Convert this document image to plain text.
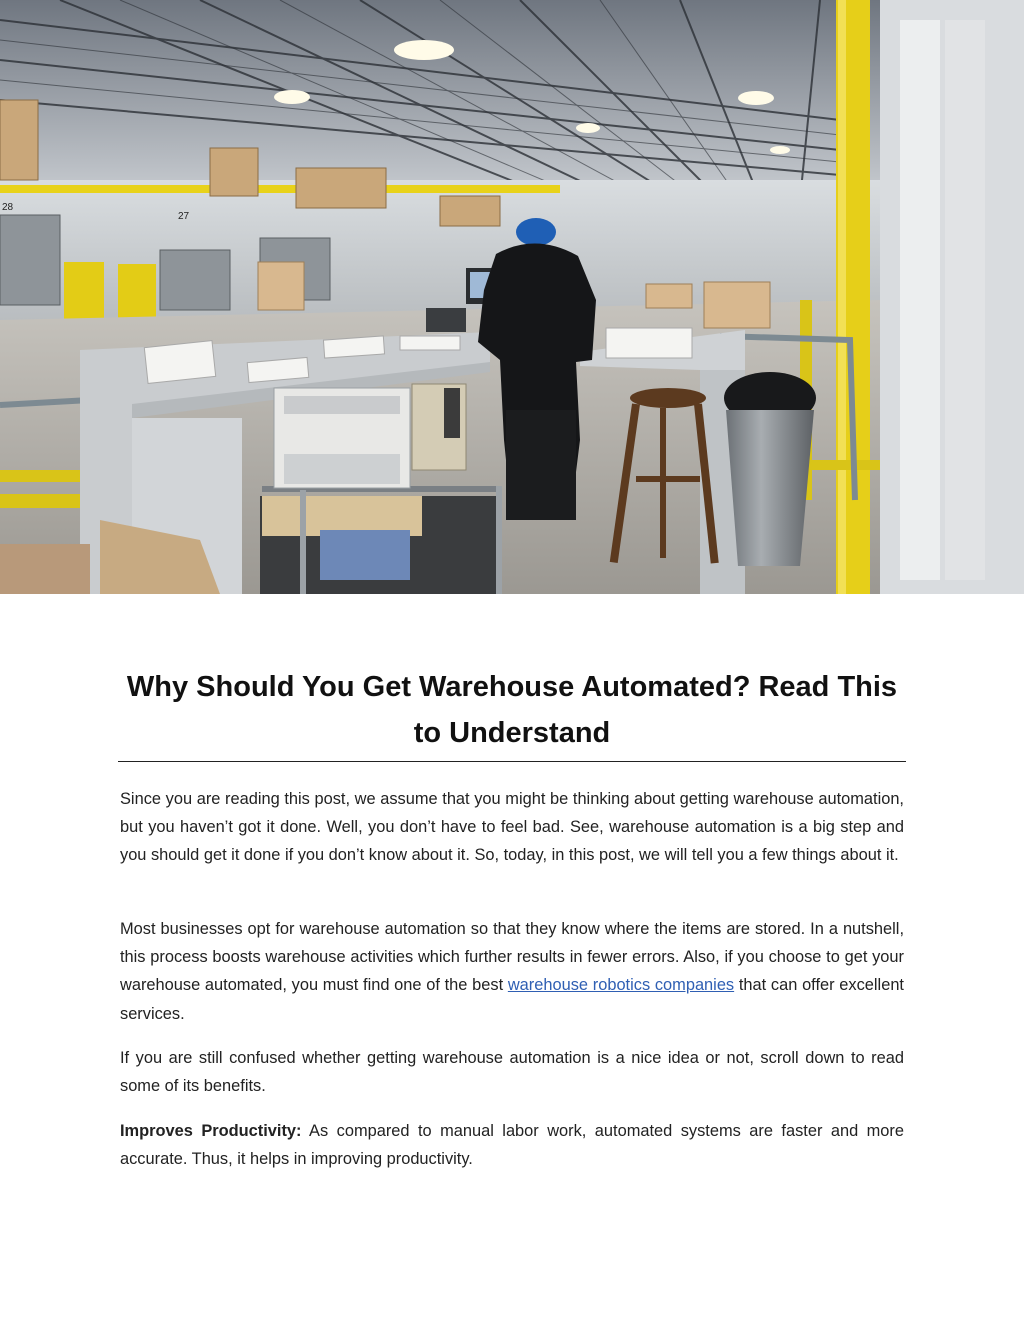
28
27
Why Should You Get Warehouse Automated? Read This to Understand

Since you are reading this post, we assume that you might be thinking about getting warehouse automation, but you haven’t got it done. Well, you don’t have to feel bad. See, warehouse automation is a big step and you should get it done if you don’t know about it. So, today, in this post, we will tell you a few things about it.

Most businesses opt for warehouse automation so that they know where the items are stored. In a nutshell, this process boosts warehouse activities which further results in fewer errors. Also, if you choose to get your warehouse automated, you must find one of the best warehouse robotics companies that can offer excellent services.

If you are still confused whether getting warehouse automation is a nice idea or not, scroll down to read some of its benefits.

Improves Productivity: As compared to manual labor work, automated systems are faster and more accurate. Thus, it helps in improving productivity.
